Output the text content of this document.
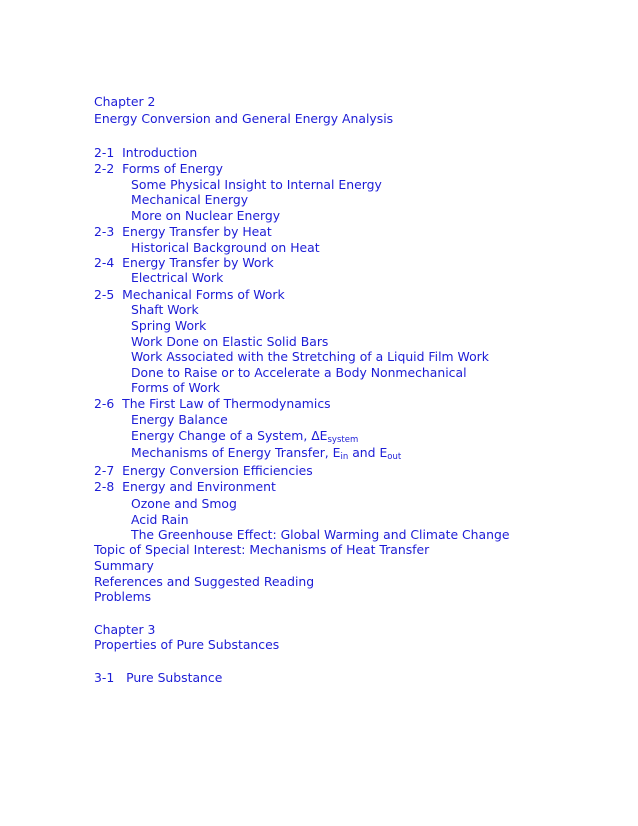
Chapter 2
Energy Conversion and General Energy Analysis
2-1 Introduction
2-2 Forms of Energy
Some Physical Insight to Internal Energy
Mechanical Energy
More on Nuclear Energy
2-3 Energy Transfer by Heat
Historical Background on Heat
2-4 Energy Transfer by Work
Electrical Work
2-5 Mechanical Forms of Work
Shaft Work
Spring Work
Work Done on Elastic Solid Bars
Work Associated with the Stretching of a Liquid Film Work
Done to Raise or to Accelerate a Body Nonmechanical
Forms of Work
2-6 The First Law of Thermodynamics
Energy Balance
Energy Change of a System, $\Delta E_{system}$
Mechanisms of Energy Transfer, $E_{in}$ and $E_{out}$
2-7 Energy Conversion Efficiencies
2-8 Energy and Environment
Ozone and Smog
Acid Rain
The Greenhouse Effect: Global Warming and Climate Change
Topic of Special Interest: Mechanisms of Heat Transfer
Summary
References and Suggested Reading
Problems
Chapter 3
Properties of Pure Substances
3-1 Pure Substance
